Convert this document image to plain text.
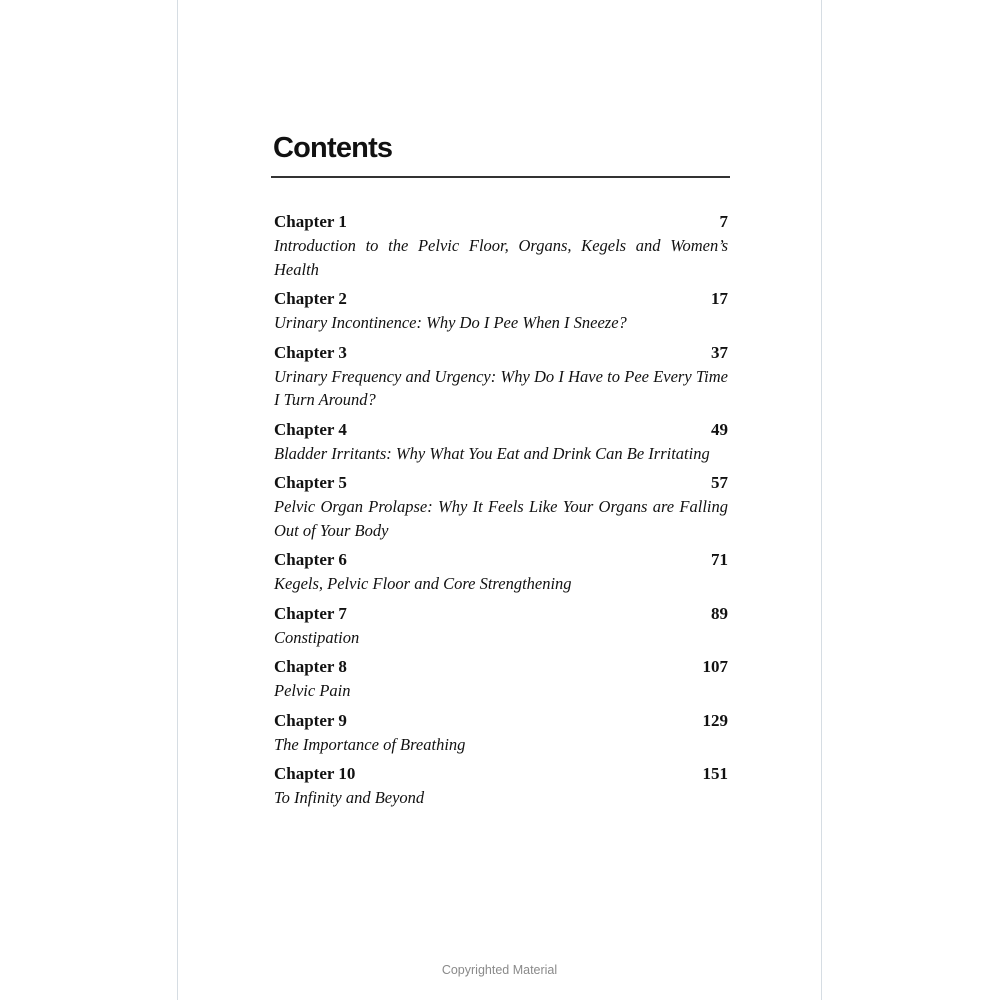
Contents
Chapter 1	7
Introduction to the Pelvic Floor, Organs, Kegels and Women’s Health
Chapter 2	17
Urinary Incontinence: Why Do I Pee When I Sneeze?
Chapter 3	37
Urinary Frequency and Urgency: Why Do I Have to Pee Every Time I Turn Around?
Chapter 4	49
Bladder Irritants: Why What You Eat and Drink Can Be Irritating
Chapter 5	57
Pelvic Organ Prolapse: Why It Feels Like Your Organs are Falling Out of Your Body
Chapter 6	71
Kegels, Pelvic Floor and Core Strengthening
Chapter 7	89
Constipation
Chapter 8	107
Pelvic Pain
Chapter 9	129
The Importance of Breathing
Chapter 10	151
To Infinity and Beyond
Copyrighted Material
